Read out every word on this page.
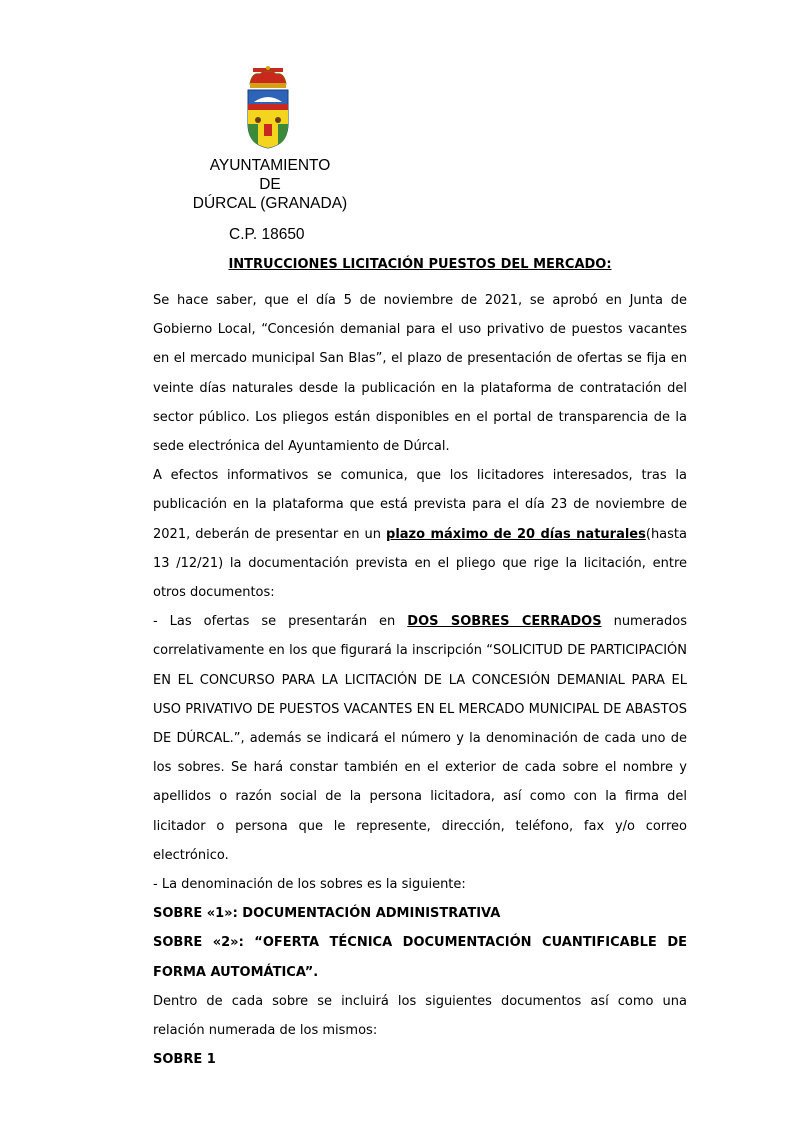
AYUNTAMIENTO
DE
DÚRCAL (GRANADA)
C.P. 18650
INTRUCCIONES LICITACIÓN PUESTOS DEL MERCADO:

Se hace saber, que el día 5 de noviembre de 2021, se aprobó en Junta de Gobierno Local, “Concesión demanial para el uso privativo de puestos vacantes en el mercado municipal San Blas”, el plazo de presentación de ofertas se fija en veinte días naturales desde la publicación en la plataforma de contratación del sector público. Los pliegos están disponibles en el portal de transparencia de la sede electrónica del Ayuntamiento de Dúrcal.

A efectos informativos se comunica, que los licitadores interesados, tras la publicación en la plataforma que está prevista para el día 23 de noviembre de 2021, deberán de presentar en un plazo máximo de 20 días naturales(hasta 13 /12/21) la documentación prevista en el pliego que rige la licitación, entre otros documentos:

- Las ofertas se presentarán en DOS SOBRES CERRADOS numerados correlativamente en los que figurará la inscripción “SOLICITUD DE PARTICIPACIÓN EN EL CONCURSO PARA LA LICITACIÓN DE LA CONCESIÓN DEMANIAL PARA EL USO PRIVATIVO DE PUESTOS VACANTES EN EL MERCADO MUNICIPAL DE ABASTOS DE DÚRCAL.”, además se indicará el número y la denominación de cada uno de los sobres. Se hará constar también en el exterior de cada sobre el nombre y apellidos o razón social de la persona licitadora, así como con la firma del licitador o persona que le represente, dirección, teléfono, fax y/o correo electrónico.

- La denominación de los sobres es la siguiente:

SOBRE «1»: DOCUMENTACIÓN ADMINISTRATIVA

SOBRE «2»: “OFERTA TÉCNICA DOCUMENTACIÓN CUANTIFICABLE DE FORMA AUTOMÁTICA”.

Dentro de cada sobre se incluirá los siguientes documentos así como una relación numerada de los mismos:

SOBRE 1
